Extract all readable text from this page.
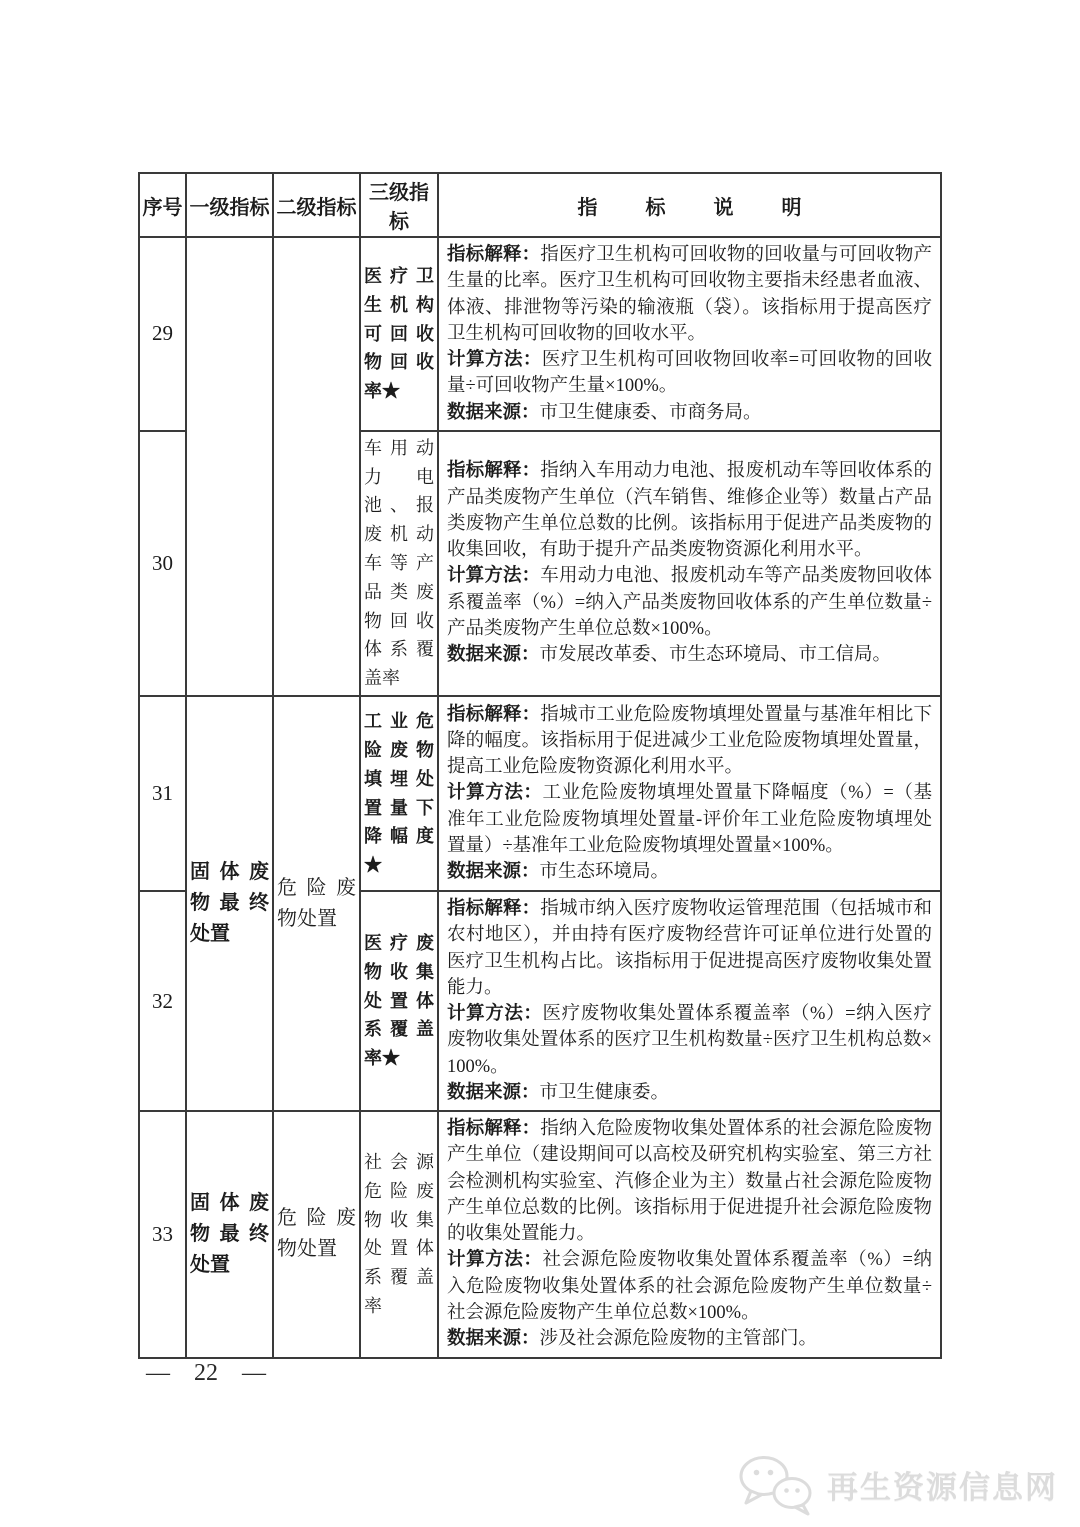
序号	一级指标	二级指标	三级指标	指　标　说　明
29			医疗卫生机构可回收物回收率★	指标解释：指医疗卫生机构可回收物的回收量与可回收物产生量的比率。医疗卫生机构可回收物主要指未经患者血液、体液、排泄物等污染的输液瓶（袋）。该指标用于提高医疗卫生机构可回收物的回收水平。

计算方法：医疗卫生机构可回收物回收率=可回收物的回收量÷可回收物产生量×100%。

数据来源：市卫生健康委、市商务局。

30			车用动力电池、报废机动车等产品类废物回收体系覆盖率	指标解释：指纳入车用动力电池、报废机动车等回收体系的产品类废物产生单位（汽车销售、维修企业等）数量占产品类废物产生单位总数的比例。该指标用于促进产品类废物的收集回收，有助于提升产品类废物资源化利用水平。

计算方法：车用动力电池、报废机动车等产品类废物回收体系覆盖率（%）=纳入产品类废物回收体系的产生单位数量÷产品类废物产生单位总数×100%。

数据来源：市发展改革委、市生态环境局、市工信局。

31	固体废物最终处置	危险废物处置	工业危险废物填埋处置量下降幅度★	指标解释：指城市工业危险废物填埋处置量与基准年相比下降的幅度。该指标用于促进减少工业危险废物填埋处置量，提高工业危险废物资源化利用水平。

计算方法：工业危险废物填埋处置量下降幅度（%）=（基准年工业危险废物填埋处置量-评价年工业危险废物填埋处置量）÷基准年工业危险废物填埋处置量×100%。

数据来源：市生态环境局。

32			医疗废物收集处置体系覆盖率★	指标解释：指城市纳入医疗废物收运管理范围（包括城市和农村地区），并由持有医疗废物经营许可证单位进行处置的医疗卫生机构占比。该指标用于促进提高医疗废物收集处置能力。

计算方法：医疗废物收集处置体系覆盖率（%）=纳入医疗废物收集处置体系的医疗卫生机构数量÷医疗卫生机构总数×100%。

数据来源：市卫生健康委。

33	固体废物最终处置	危险废物处置	社会源危险废物收集处置体系覆盖率	指标解释：指纳入危险废物收集处置体系的社会源危险废物产生单位（建设期间可以高校及研究机构实验室、第三方社会检测机构实验室、汽修企业为主）数量占社会源危险废物产生单位总数的比例。该指标用于促进提升社会源危险废物的收集处置能力。

计算方法：社会源危险废物收集处置体系覆盖率（%）=纳入危险废物收集处置体系的社会源危险废物产生单位数量÷社会源危险废物产生单位总数×100%。

数据来源：涉及社会源危险废物的主管部门。

— 22 —
再生资源信息网
